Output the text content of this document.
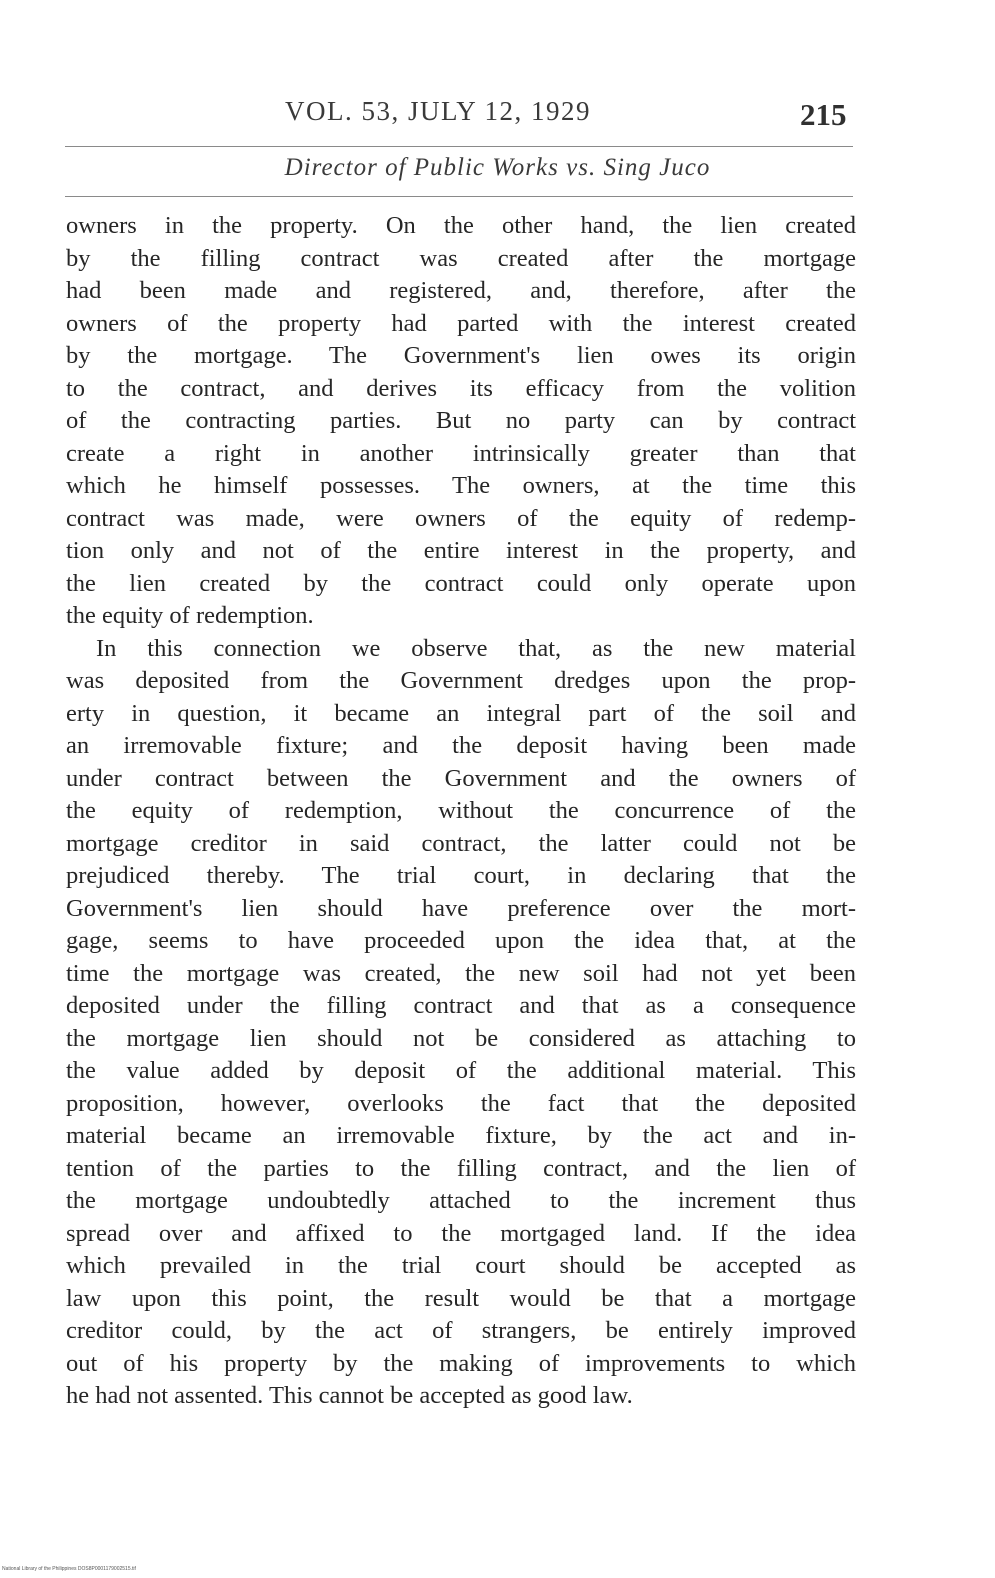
VOL. 53, JULY 12, 1929	215
Director of Public Works vs. Sing Juco
owners in the property. On the other hand, the lien created
by the filling contract was created after the mortgage
had been made and registered, and, therefore, after the
owners of the property had parted with the interest created
by the mortgage. The Government's lien owes its origin
to the contract, and derives its efficacy from the volition
of the contracting parties. But no party can by contract
create a right in another intrinsically greater than that
which he himself possesses. The owners, at the time this
contract was made, were owners of the equity of redemp-
tion only and not of the entire interest in the property, and
the lien created by the contract could only operate upon
the equity of redemption.
In this connection we observe that, as the new material
was deposited from the Government dredges upon the prop-
erty in question, it became an integral part of the soil and
an irremovable fixture; and the deposit having been made
under contract between the Government and the owners of
the equity of redemption, without the concurrence of the
mortgage creditor in said contract, the latter could not be
prejudiced thereby. The trial court, in declaring that the
Government's lien should have preference over the mort-
gage, seems to have proceeded upon the idea that, at the
time the mortgage was created, the new soil had not yet been
deposited under the filling contract and that as a consequence
the mortgage lien should not be considered as attaching to
the value added by deposit of the additional material. This
proposition, however, overlooks the fact that the deposited
material became an irremovable fixture, by the act and in-
tention of the parties to the filling contract, and the lien of
the mortgage undoubtedly attached to the increment thus
spread over and affixed to the mortgaged land. If the idea
which prevailed in the trial court should be accepted as
law upon this point, the result would be that a mortgage
creditor could, by the act of strangers, be entirely improved
out of his property by the making of improvements to which
he had not assented. This cannot be accepted as good law.
National Library of the Philippines DOS8P0001179002515.tif
